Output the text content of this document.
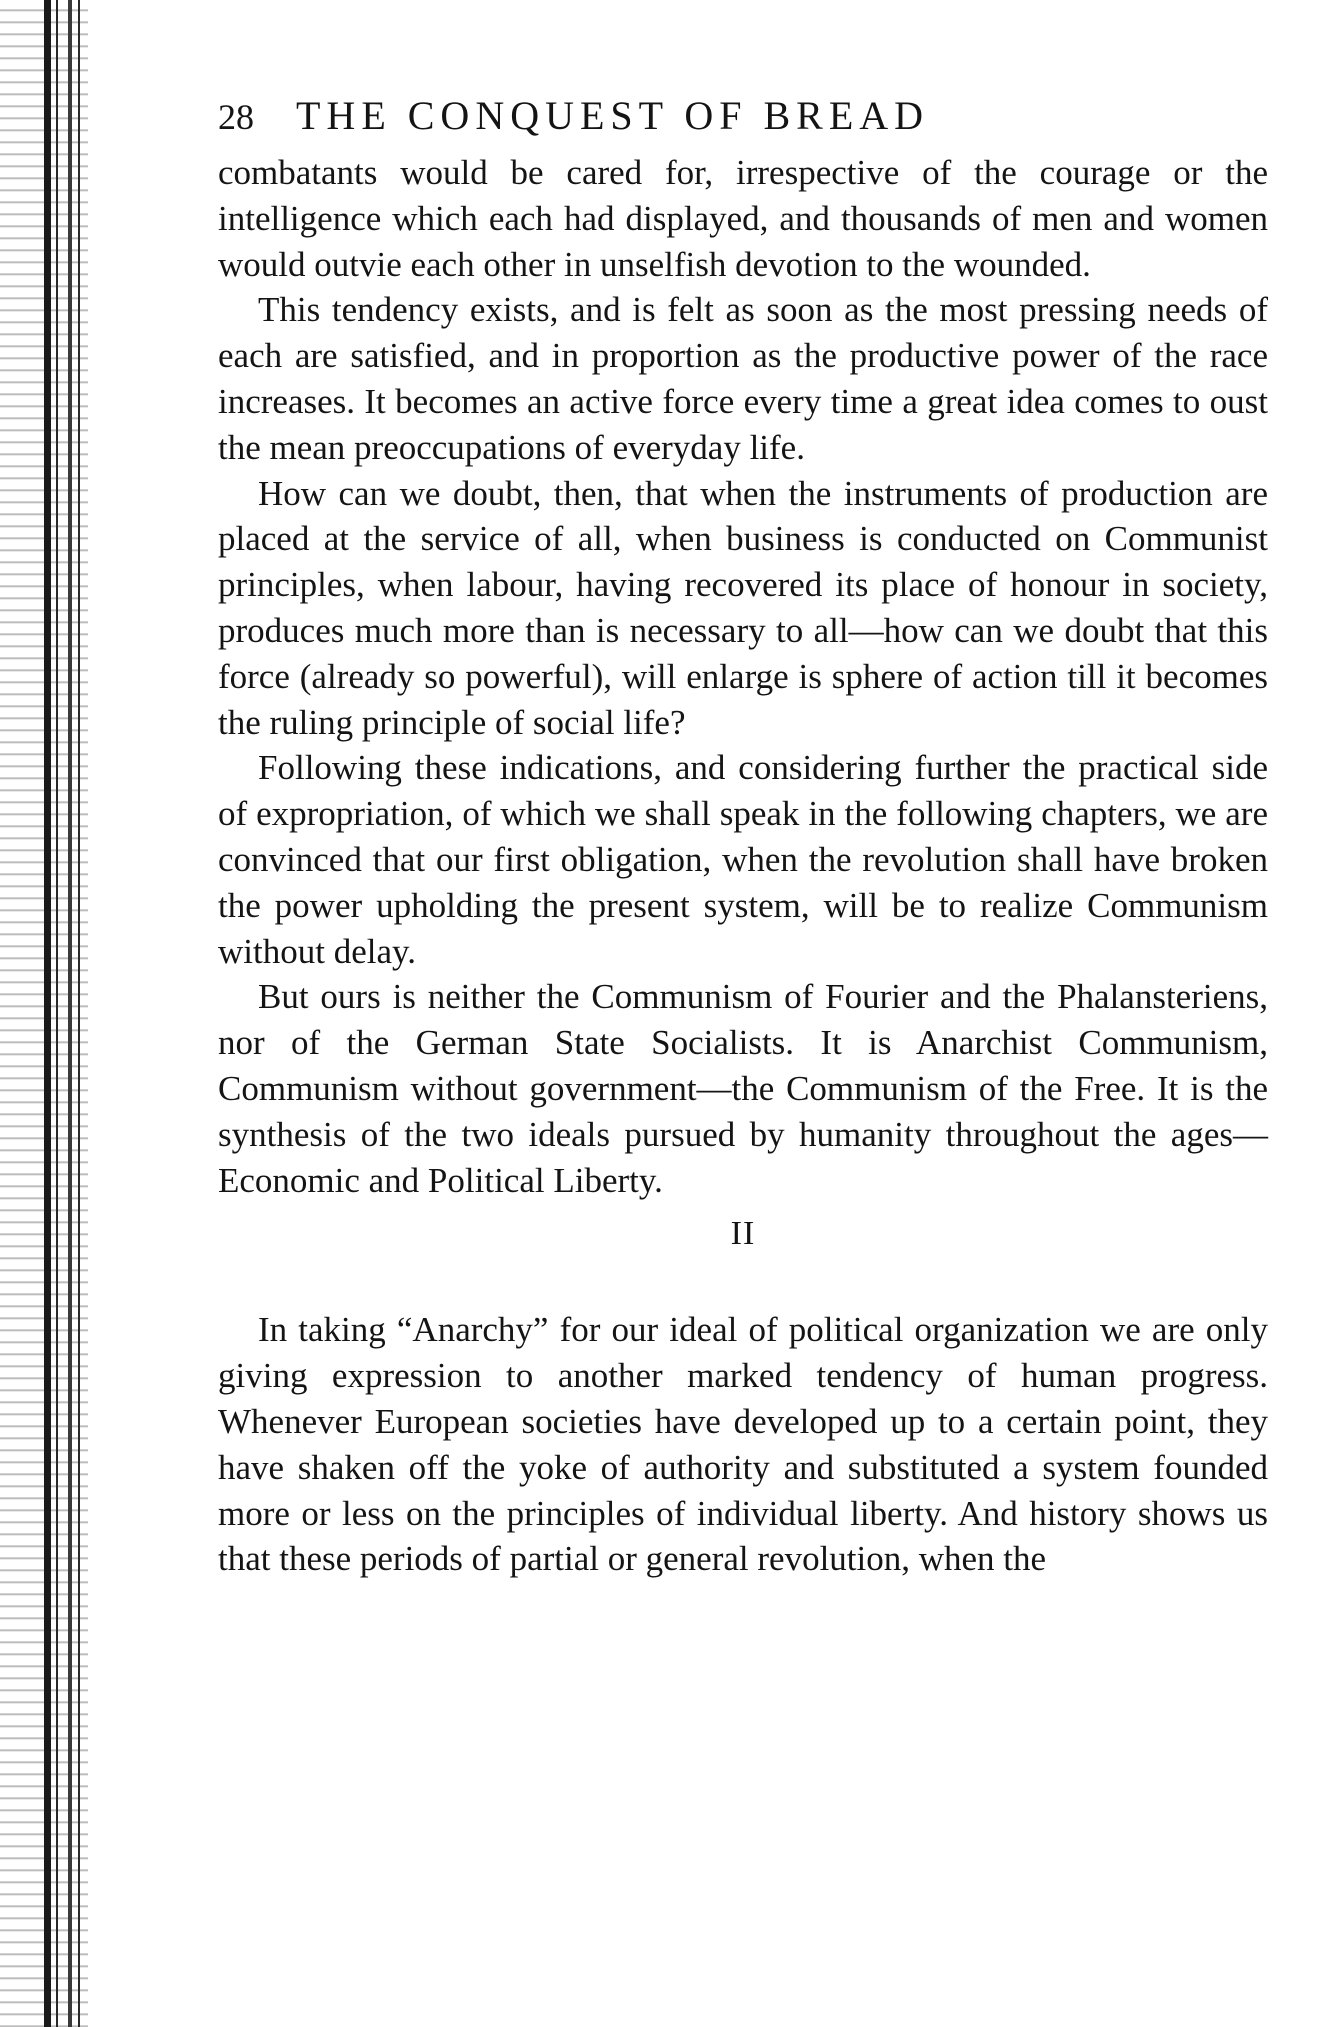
28	THE CONQUEST OF BREAD

combatants would be cared for, irrespective of the courage or the intelligence which each had displayed, and thousands of men and women would outvie each other in unselfish devotion to the wounded.

This tendency exists, and is felt as soon as the most pressing needs of each are satisfied, and in proportion as the productive power of the race increases. It becomes an active force every time a great idea comes to oust the mean preoccupations of everyday life.

How can we doubt, then, that when the instruments of production are placed at the service of all, when business is conducted on Communist principles, when labour, having recovered its place of honour in society, produces much more than is necessary to all—how can we doubt that this force (already so powerful), will enlarge is sphere of action till it becomes the ruling principle of social life?

Following these indications, and considering further the practical side of expropriation, of which we shall speak in the following chapters, we are convinced that our first obligation, when the revolution shall have broken the power upholding the present system, will be to realize Communism without delay.

But ours is neither the Communism of Fourier and the Phalansteriens, nor of the German State Socialists. It is Anarchist Communism, Communism without government—the Communism of the Free. It is the synthesis of the two ideals pursued by humanity throughout the ages—Economic and Political Liberty.

II

In taking “Anarchy” for our ideal of political organization we are only giving expression to another marked tendency of human progress. Whenever European societies have developed up to a certain point, they have shaken off the yoke of authority and substituted a system founded more or less on the principles of individual liberty. And history shows us that these periods of partial or general revolution, when the
